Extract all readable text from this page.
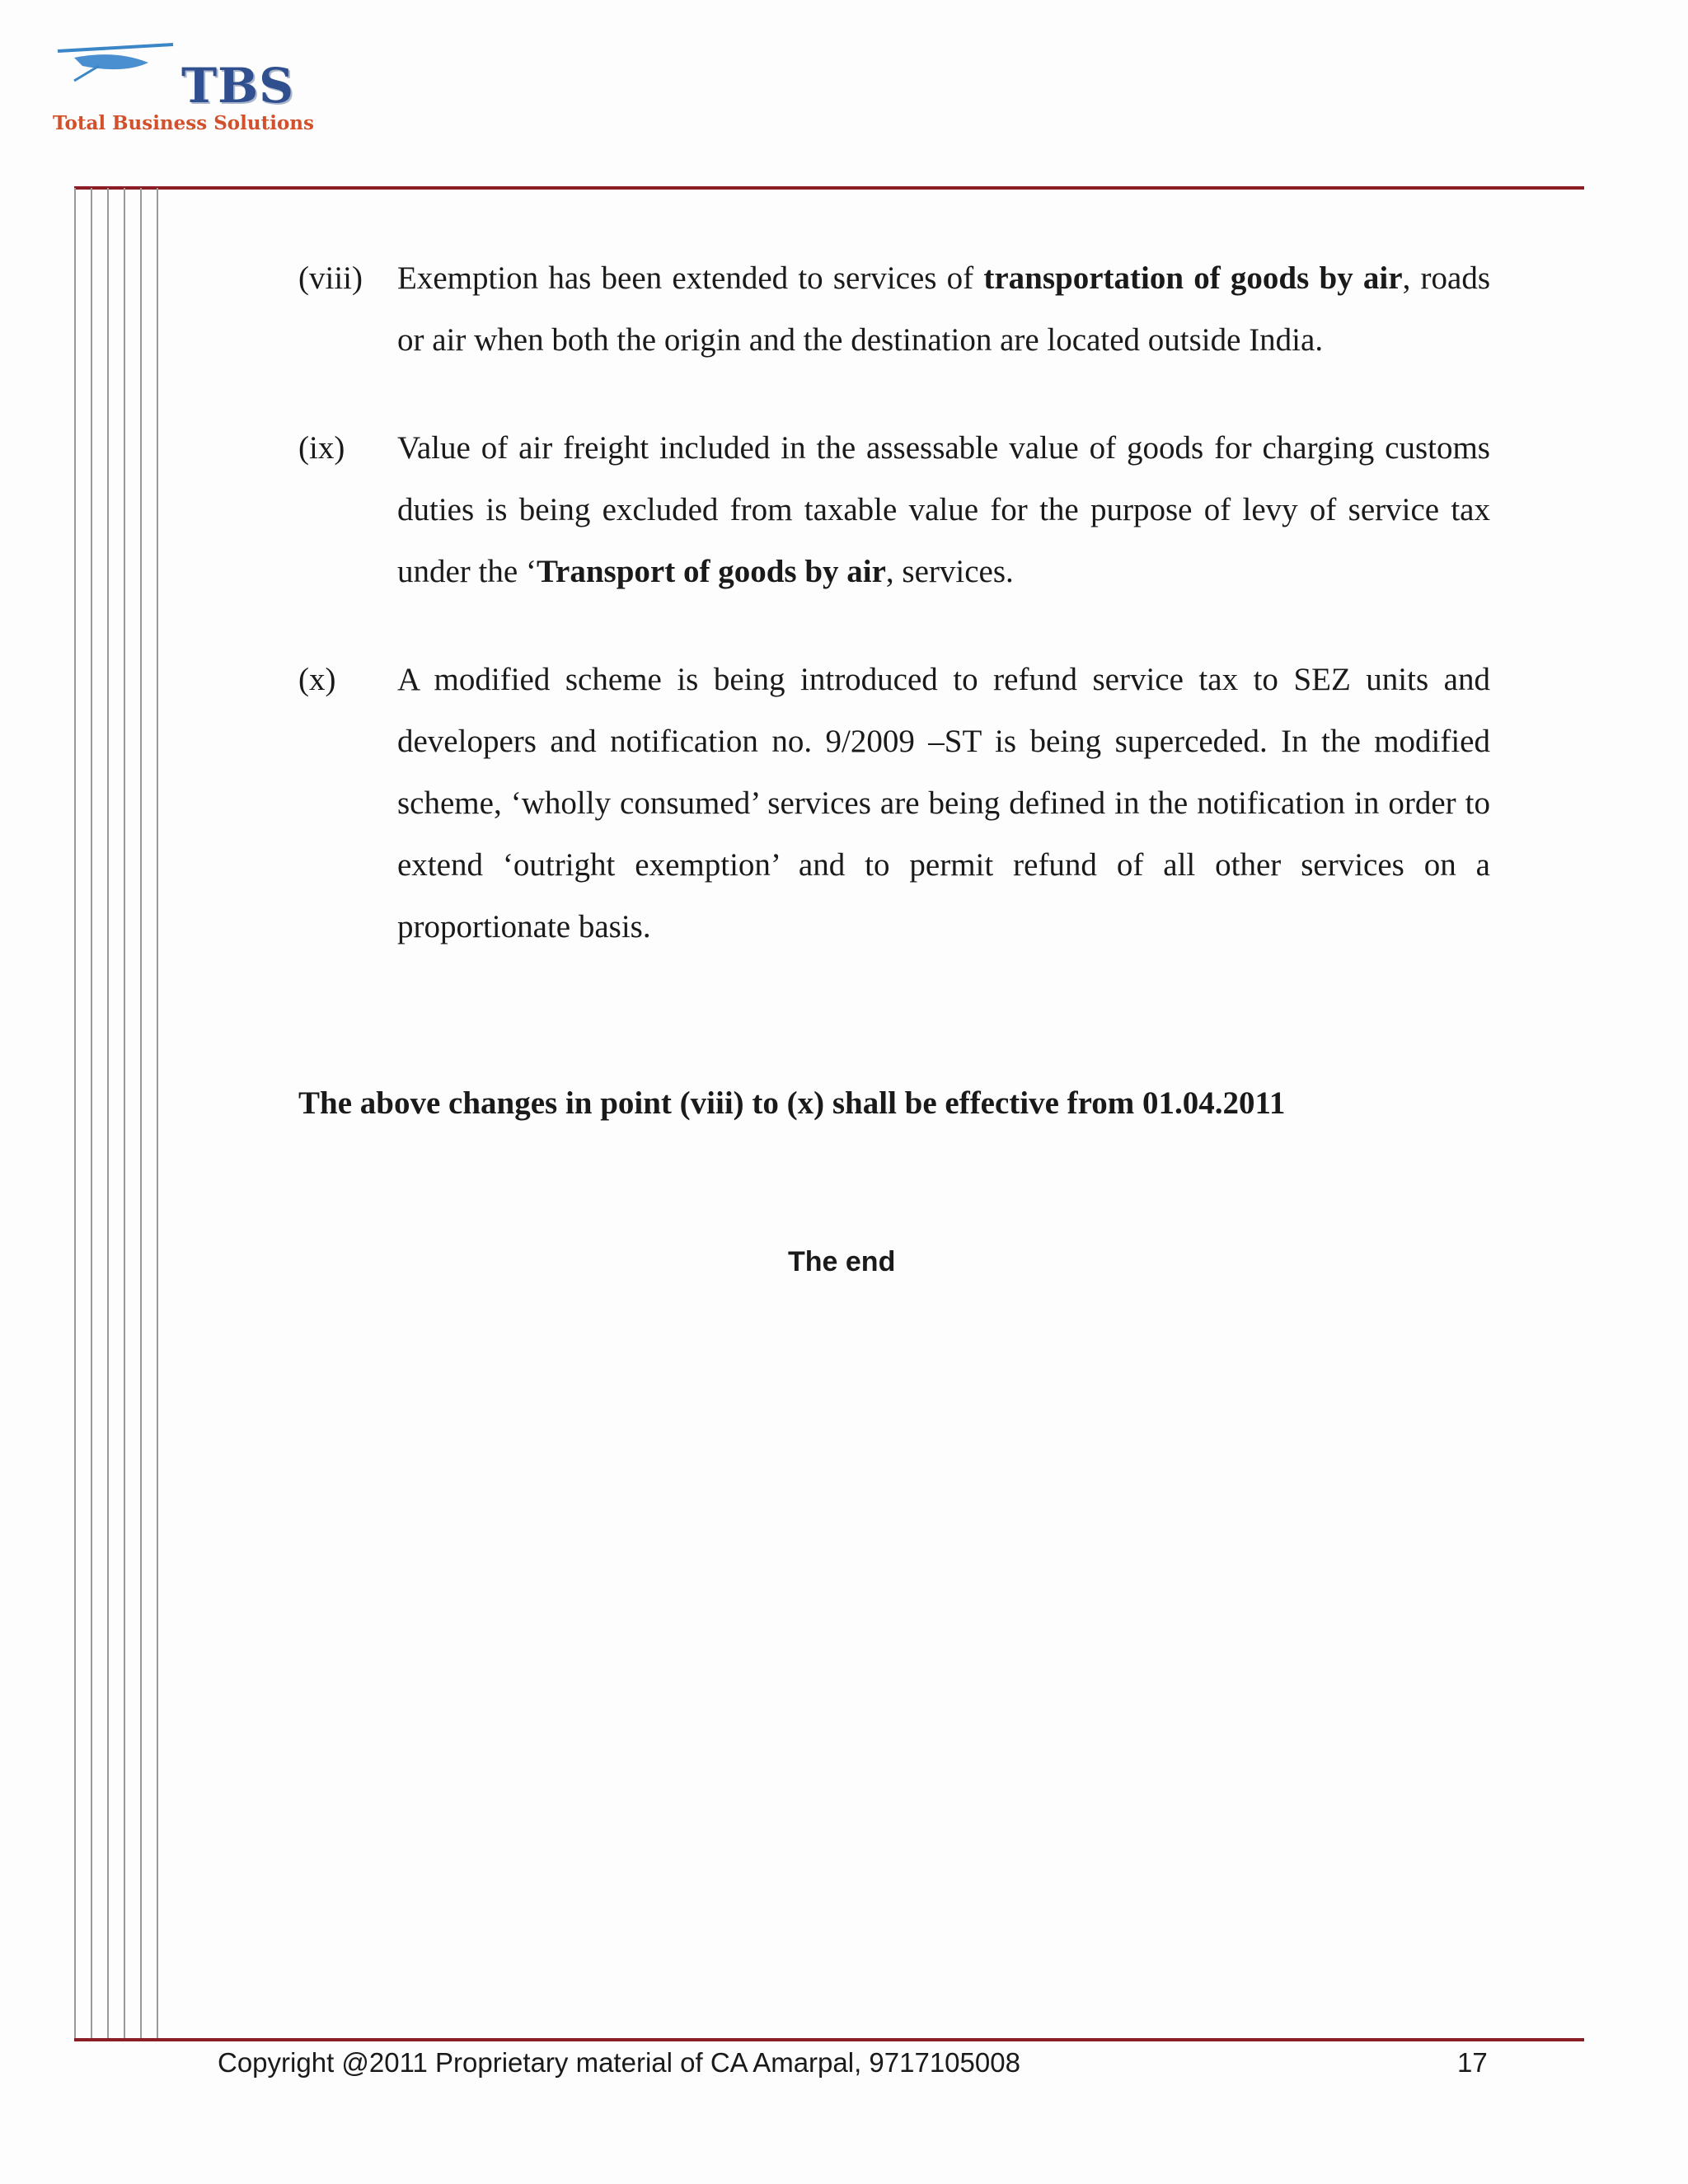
TBS
Total Business Solutions
(viii)	Exemption has been extended to services of transportation of goods by air, roads or air when both the origin and the destination are located outside India.
(ix)	Value of air freight included in the assessable value of goods for charging customs duties is being excluded from taxable value for the purpose of levy of service tax under the ‘Transport of goods by air, services.
(x)	A modified scheme is being introduced to refund service tax to SEZ units and developers and notification no. 9/2009 –ST is being superceded. In the modified scheme, ‘wholly consumed’ services are being defined in the notification in order to extend ‘outright exemption’ and to permit refund of all other services on a proportionate basis.
The above changes in point (viii) to (x) shall be effective from 01.04.2011
The end
Copyright @2011 Proprietary material of CA Amarpal, 9717105008	17
